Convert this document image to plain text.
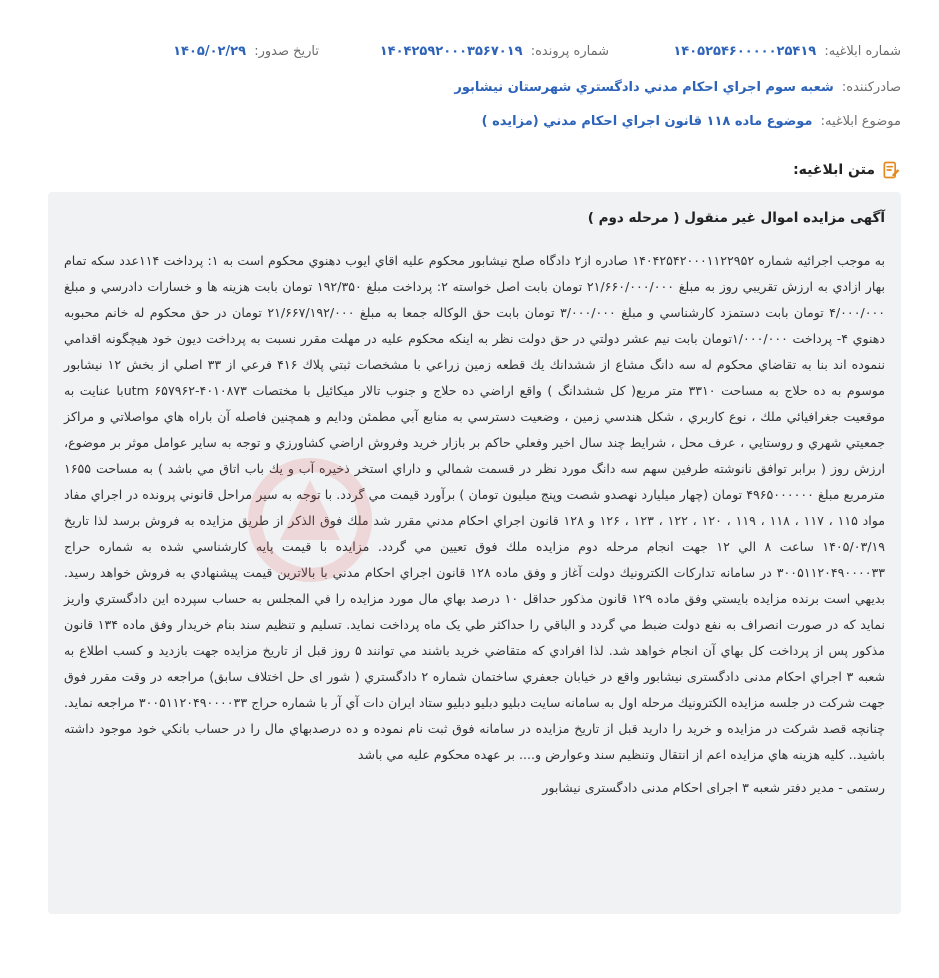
شماره ابلاغیه: ۱۴۰۵۲۵۴۶۰۰۰۰۰۲۵۴۱۹
شماره پرونده: ۱۴۰۴۲۵۹۲۰۰۰۳۵۶۷۰۱۹
تاریخ صدور: ۱۴۰۵/۰۲/۲۹
صادرکننده: شعبه سوم اجراي احكام مدني دادگستري شهرستان نيشابور
موضوع ابلاغیه: موضوع ماده ۱۱۸ قانون اجراي احكام مدني (مزايده )
متن ابلاغیه:

آگهی مزایده اموال غیر منقول ( مرحله دوم )

به موجب اجرائيه شماره ۱۴۰۴۲۵۴۲۰۰۰۱۱۲۲۹۵۲ صادره از۲ دادگاه صلح نيشابور محكوم عليه اقاي ايوب دهنوي محكوم است به ۱: پرداخت ۱۱۴عدد سكه تمام بهار ازادي به ارزش تقريبي روز به مبلغ ۲۱/۶۶۰/۰۰۰/۰۰۰ تومان بابت اصل خواسته ۲: پرداخت مبلغ ۱۹۲/۳۵۰ تومان بابت هزينه ها و خسارات دادرسي و مبلغ ۴/۰۰۰/۰۰۰ تومان بابت دستمزد كارشناسي و مبلغ ۳/۰۰۰/۰۰۰ تومان بابت حق الوكاله جمعا به مبلغ ۲۱/۶۶۷/۱۹۲/۰۰۰ تومان در حق محكوم له خانم محبوبه دهنوي ۴- پرداخت ۱/۰۰۰/۰۰۰تومان بابت نيم عشر دولتي در حق دولت نظر به اينكه محكوم عليه در مهلت مقرر نسبت به پرداخت ديون خود هيچگونه اقدامي ننموده اند بنا به تقاضاي محكوم له سه دانگ مشاع از ششدانك يك قطعه زمين زراعي با مشخصات ثبتي پلاك ۴۱۶ فرعي از ۳۳ اصلي از بخش ۱۲ نيشابور موسوم به ده حلاج به مساحت ۳۳۱۰ متر مربع( كل ششدانگ ) واقع اراضي ده حلاج و جنوب تالار ميكائيل با مختصات utm ۶۵۷۹۶۲-۴۰۱۰۸۷۳با عنايت به موقعيت جغرافيائي ملك ، نوع كاربري ، شكل هندسي زمين ، وضعيت دسترسي به منابع آبي مطمئن ودايم و همچنين فاصله آن باراه هاي مواصلاتي و مراكز جمعيتي شهري و روستايي ، عرف محل ، شرايط چند سال اخير وفعلي حاكم بر بازار خريد وفروش اراضي كشاورزي و توجه به ساير عوامل موثر بر موضوع، ارزش روز ( برابر توافق نانوشته طرفين سهم سه دانگ مورد نظر در قسمت شمالي و داراي استخر ذخيره آب و يك باب اتاق مي باشد ) به مساحت ۱۶۵۵ مترمربع مبلغ ۴۹۶۵۰۰۰۰۰۰ تومان (چهار ميليارد نهصدو شصت وپنج ميليون تومان ) برآورد قيمت مي گردد. با توجه به سير مراحل قانوني پرونده در اجراي مفاد مواد ۱۱۵ ، ۱۱۷ ، ۱۱۸ ، ۱۱۹ ، ۱۲۰ ، ۱۲۲ ، ۱۲۳ ، ۱۲۶ و ۱۲۸ قانون اجراي احكام مدني مقرر شد ملك فوق الذكر از طريق مزايده به فروش برسد لذا تاريخ ۱۴۰۵/۰۳/۱۹ ساعت ۸ الي ۱۲ جهت انجام مرحله دوم مزايده ملك فوق تعيين مي گردد. مزايده با قيمت پايه كارشناسي شده به شماره حراج ۳۰۰۵۱۱۲۰۴۹۰۰۰۰۳۳ در سامانه تداركات الكترونيك دولت آغاز و وفق ماده ۱۲۸ قانون اجراي احكام مدني با بالاترين قيمت پيشنهادي به فروش خواهد رسيد. بديهي است برنده مزايده بايستي وفق ماده ۱۲۹ قانون مذكور حداقل ۱۰ درصد بهاي مال مورد مزايده را في المجلس به حساب سپرده اين دادگستري واريز نمايد كه در صورت انصراف به نفع دولت ضبط مي گردد و الباقي را حداكثر طي يک ماه پرداخت نمايد. تسليم و تنظيم سند بنام خريدار وفق ماده ۱۳۴ قانون مذكور پس از پرداخت كل بهاي آن انجام خواهد شد. لذا افرادي كه متقاضي خريد باشند مي توانند ۵ روز قبل از تاريخ مزايده جهت بازديد و كسب اطلاع به شعبه ۳ اجراي احکام مدنی دادگستری نيشابور واقع در خيابان جعفري ساختمان شماره ۲ دادگستري ( شور ای حل اختلاف سابق) مراجعه در وقت مقرر فوق جهت شركت در جلسه مزايده الكترونيك مرحله اول به سامانه سايت دبليو دبليو دبليو ستاد ايران دات آي آر با شماره حراج ۳۰۰۵۱۱۲۰۴۹۰۰۰۰۳۳ مراجعه نمايد. چنانچه قصد شركت در مزايده و خريد را داريد قبل از تاريخ مزايده در سامانه فوق ثبت نام نموده و ده درصدبهاي مال را در حساب بانكي خود موجود داشته باشيد.. كليه هزينه هاي مزايده اعم از انتقال وتنظيم سند وعوارض و.... بر عهده محكوم عليه مي باشد

رستمی - مدیر دفتر شعبه ۳ اجرای احکام مدنی دادگستری نیشابور
